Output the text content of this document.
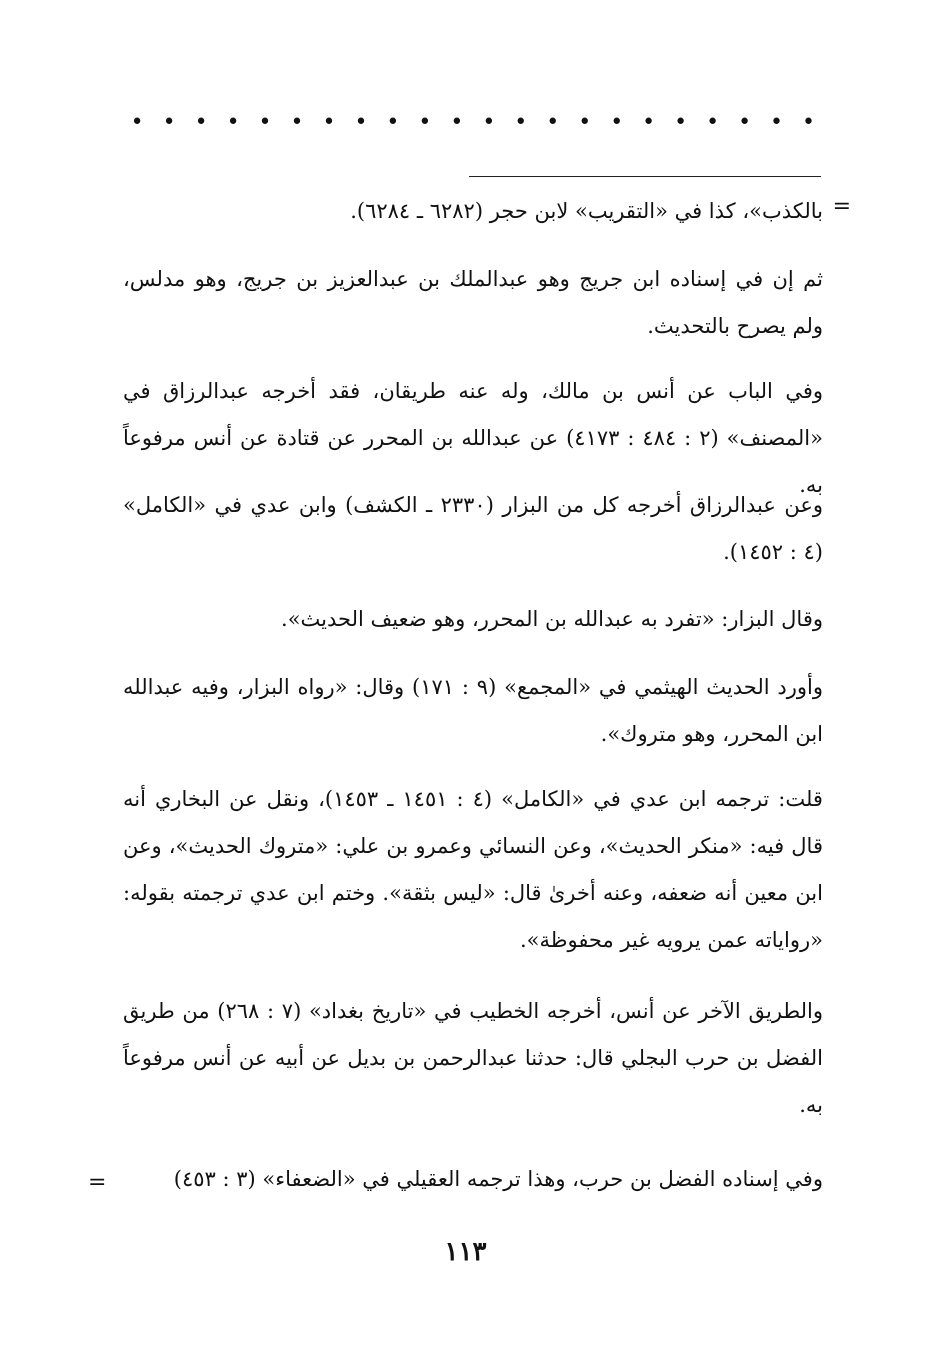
• • • • • • • • • • • • • • • • • • • • • •
=

بالكذب»، كذا في «التقريب» لابن حجر (٦٢٨٢ ـ ٦٢٨٤).

ثم إن في إسناده ابن جريج وهو عبدالملك بن عبدالعزيز بن جريج، وهو مدلس، ولم يصرح بالتحديث.

وفي الباب عن أنس بن مالك، وله عنه طريقان، فقد أخرجه عبدالرزاق في «المصنف» (٢ : ٤٨٤ : ٤١٧٣) عن عبدالله بن المحرر عن قتادة عن أنس مرفوعاً به.

وعن عبدالرزاق أخرجه كل من البزار (٢٣٣٠ ـ الكشف) وابن عدي في «الكامل» (٤ : ١٤٥٢).

وقال البزار: «تفرد به عبدالله بن المحرر، وهو ضعيف الحديث».

وأورد الحديث الهيثمي في «المجمع» (٩ : ١٧١) وقال: «رواه البزار، وفيه عبدالله ابن المحرر، وهو متروك».

قلت: ترجمه ابن عدي في «الكامل» (٤ : ١٤٥١ ـ ١٤٥٣)، ونقل عن البخاري أنه قال فيه: «منكر الحديث»، وعن النسائي وعمرو بن علي: «متروك الحديث»، وعن ابن معين أنه ضعفه، وعنه أخرىٰ قال: «ليس بثقة». وختم ابن عدي ترجمته بقوله: «رواياته عمن يرويه غير محفوظة».

والطريق الآخر عن أنس، أخرجه الخطيب في «تاريخ بغداد» (٧ : ٢٦٨) من طريق الفضل بن حرب البجلي قال: حدثنا عبدالرحمن بن بديل عن أبيه عن أنس مرفوعاً به.

وفي إسناده الفضل بن حرب، وهذا ترجمه العقيلي في «الضعفاء» (٣ : ٤٥٣)

=
١١٣
